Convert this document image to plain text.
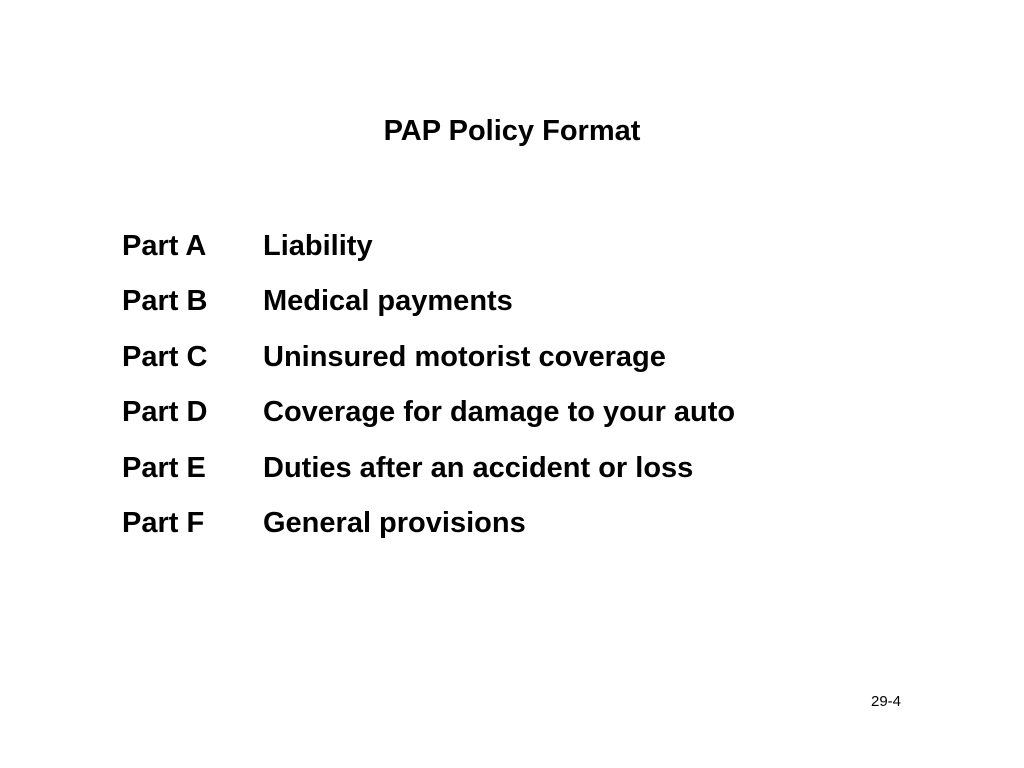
PAP Policy Format
Part A	Liability
Part B	Medical payments
Part C	Uninsured motorist coverage
Part D	Coverage for damage to your auto
Part E	Duties after an accident or loss
Part F	General provisions
29-4
